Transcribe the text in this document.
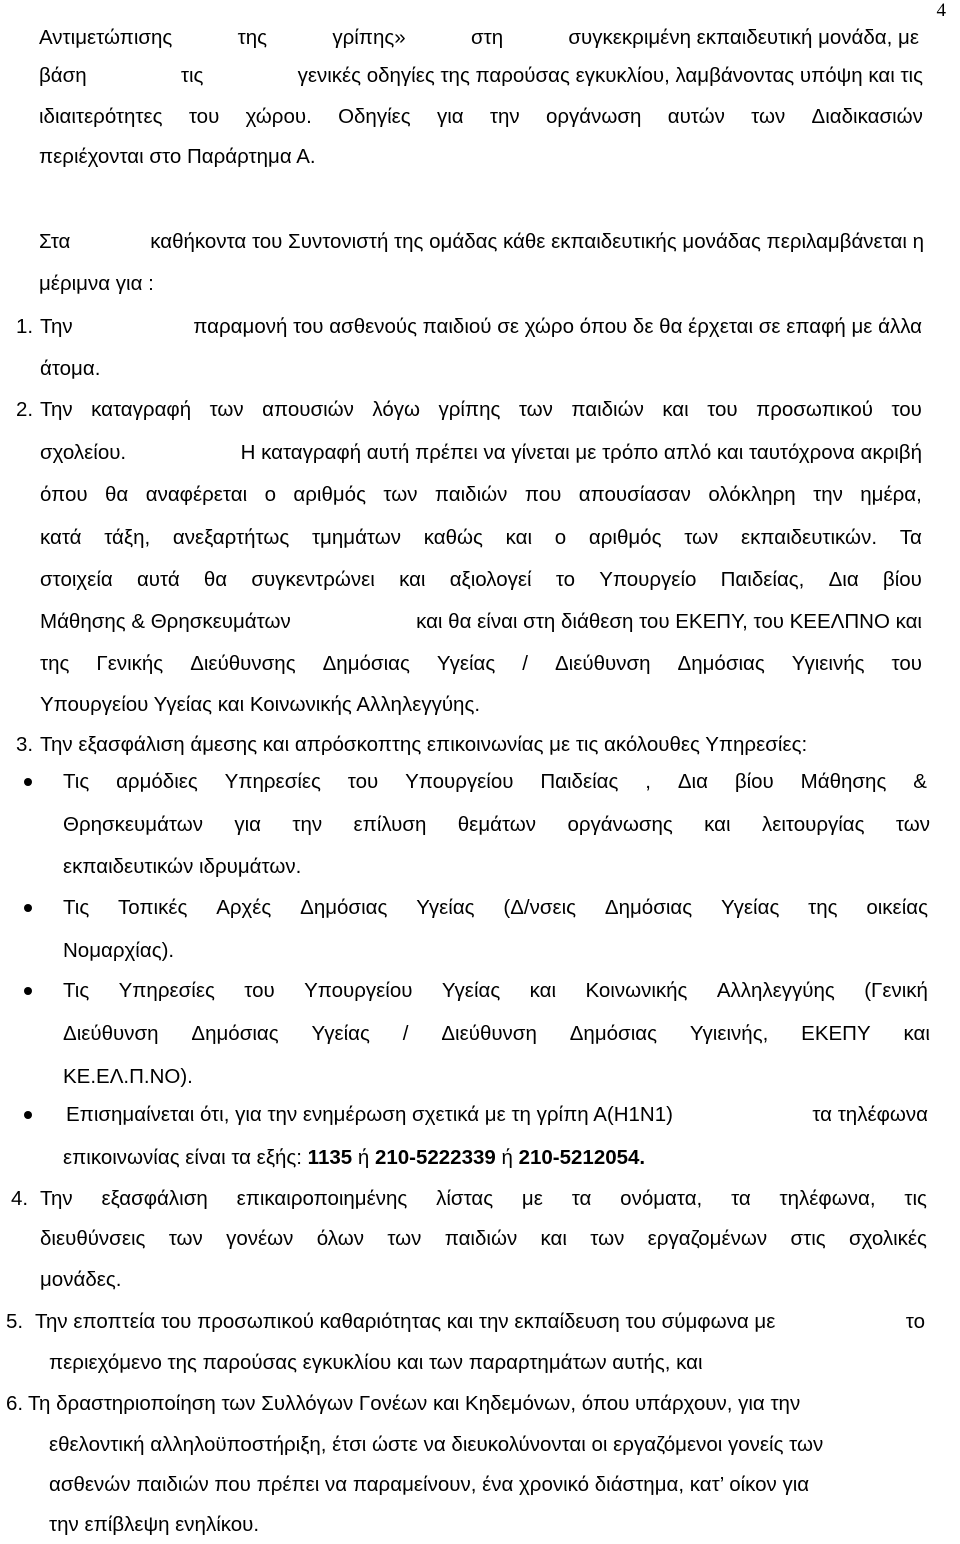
4
Αντιμετώπισης	της	γρίπης»	στη	συγκεκριμένη εκπαιδευτική μονάδα, με
βάση	τις	γενικές οδηγίες της παρούσας εγκυκλίου, λαμβάνοντας υπόψη και τις
ιδιαιτερότητες του χώρου. Οδηγίες για την οργάνωση αυτών των Διαδικασιών
περιέχονται στο Παράρτημα Α.
Στα	καθήκοντα του Συντονιστή της ομάδας κάθε εκπαιδευτικής μονάδας περιλαμβάνεται η
μέριμνα για :
1. Την	παραμονή του ασθενούς παιδιού σε χώρο όπου δε θα έρχεται σε επαφή με άλλα
άτομα.
2. Την καταγραφή των απουσιών λόγω γρίπης των παιδιών και του προσωπικού του
σχολείου.	Η καταγραφή αυτή πρέπει να γίνεται με τρόπο απλό και ταυτόχρονα ακριβή
όπου θα αναφέρεται ο αριθμός των παιδιών που απουσίασαν ολόκληρη την ημέρα,
κατά τάξη, ανεξαρτήτως τμημάτων καθώς και ο αριθμός των εκπαιδευτικών. Τα
στοιχεία αυτά θα συγκεντρώνει και αξιολογεί το Υπουργείο Παιδείας, Δια βίου
Μάθησης & Θρησκευμάτων	και θα είναι στη διάθεση του ΕΚΕΠΥ, του ΚΕΕΛΠΝΟ και
της Γενικής Διεύθυνσης Δημόσιας Υγείας / Διεύθυνση Δημόσιας Υγιεινής του
Υπουργείου Υγείας και Κοινωνικής Αλληλεγγύης.
3. Την εξασφάλιση άμεσης και απρόσκοπτης επικοινωνίας με τις ακόλουθες Υπηρεσίες:
Τις αρμόδιες Υπηρεσίες του Υπουργείου Παιδείας , Δια βίου Μάθησης &
Θρησκευμάτων για την επίλυση θεμάτων οργάνωσης και λειτουργίας των
εκπαιδευτικών ιδρυμάτων.
Τις Τοπικές Αρχές Δημόσιας Υγείας (Δ/νσεις Δημόσιας Υγείας της οικείας
Νομαρχίας).
Τις Υπηρεσίες του Υπουργείου Υγείας και Κοινωνικής Αλληλεγγύης (Γενική
Διεύθυνση Δημόσιας Υγείας / Διεύθυνση Δημόσιας Υγιεινής, ΕΚΕΠΥ και
ΚΕ.ΕΛ.Π.ΝΟ).
Επισημαίνεται ότι, για την ενημέρωση σχετικά με τη γρίπη Α(Η1Ν1)	τα τηλέφωνα
επικοινωνίας είναι τα εξής: 1135 ή 210-5222339 ή 210-5212054.
4. Την εξασφάλιση επικαιροποιημένης λίστας με τα ονόματα, τα τηλέφωνα, τις
διευθύνσεις των γονέων όλων των παιδιών και των εργαζομένων στις σχολικές
μονάδες.
5. Την εποπτεία του προσωπικού καθαριότητας και την εκπαίδευση του σύμφωνα με	το
περιεχόμενο της παρούσας εγκυκλίου και των παραρτημάτων αυτής, και
6. Τη δραστηριοποίηση των Συλλόγων Γονέων και Κηδεμόνων, όπου υπάρχουν, για την
εθελοντική αλληλοϋποστήριξη, έτσι ώστε να διευκολύνονται οι εργαζόμενοι γονείς των
ασθενών παιδιών που πρέπει να παραμείνουν, ένα χρονικό διάστημα, κατ’ οίκον για
την επίβλεψη ενηλίκου.
